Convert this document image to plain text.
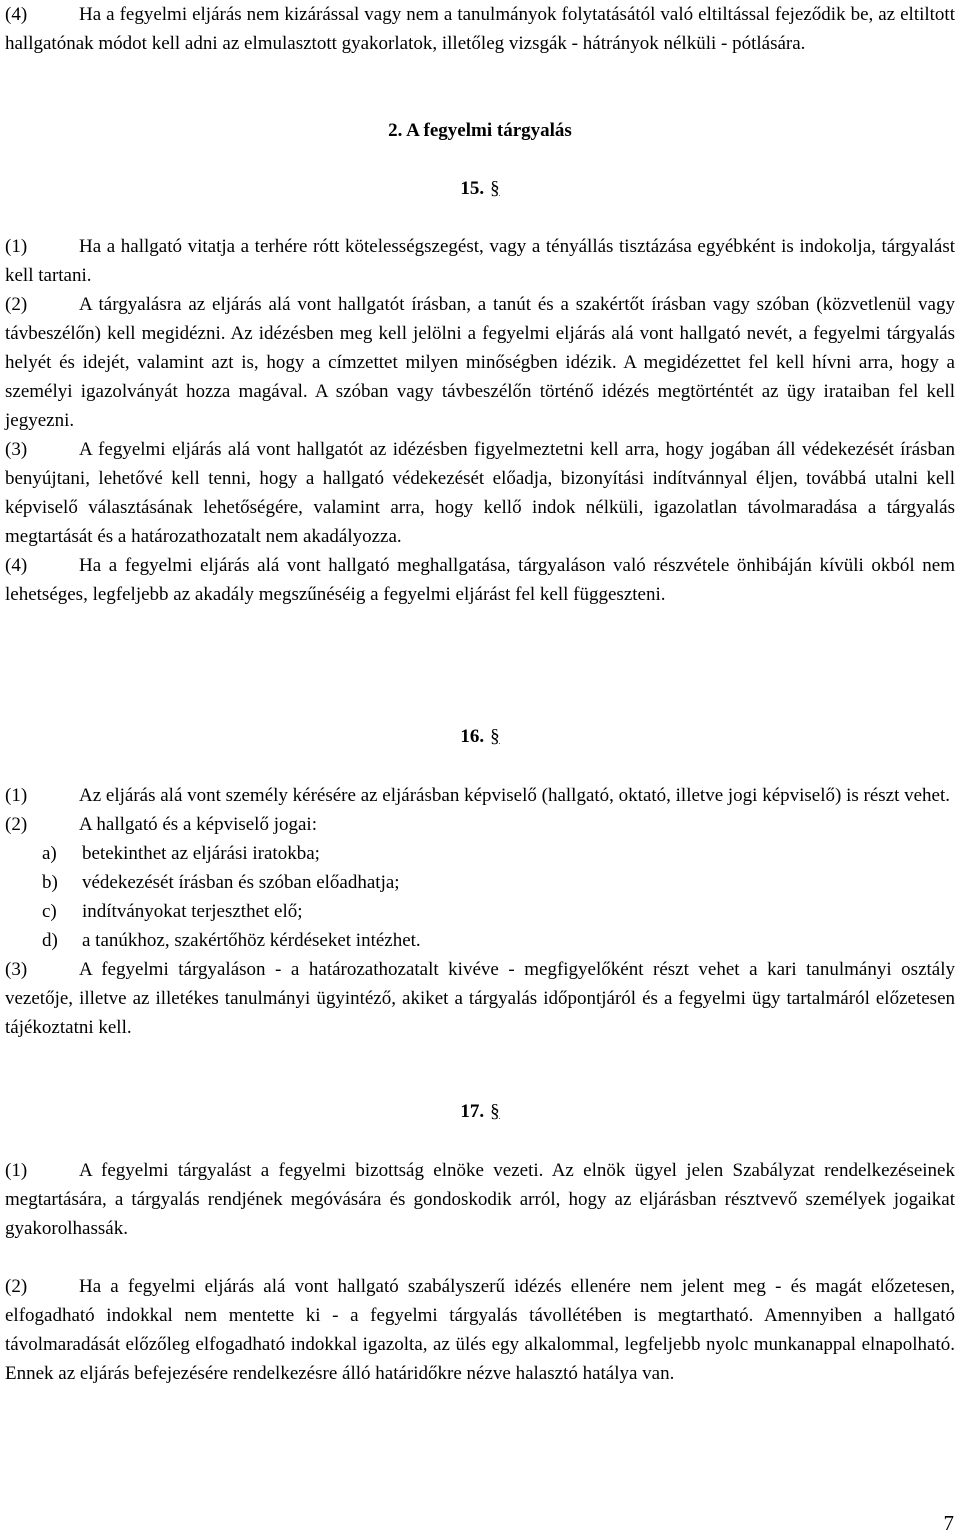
(4)	Ha a fegyelmi eljárás nem kizárással vagy nem a tanulmányok folytatásától való eltiltással fejeződik be, az eltiltott hallgatónak módot kell adni az elmulasztott gyakorlatok, illetőleg vizsgák - hátrányok nélküli - pótlására.

2. A fegyelmi tárgyalás

15. §

(1)	Ha a hallgató vitatja a terhére rótt kötelességszegést, vagy a tényállás tisztázása egyébként is indokolja, tárgyalást kell tartani.

(2)	A tárgyalásra az eljárás alá vont hallgatót írásban, a tanút és a szakértőt írásban vagy szóban (közvetlenül vagy távbeszélőn) kell megidézni. Az idézésben meg kell jelölni a fegyelmi eljárás alá vont hallgató nevét, a fegyelmi tárgyalás helyét és idejét, valamint azt is, hogy a címzettet milyen minőségben idézik. A megidézettet fel kell hívni arra, hogy a személyi igazolványát hozza magával. A szóban vagy távbeszélőn történő idézés megtörténtét az ügy irataiban fel kell jegyezni.

(3)	A fegyelmi eljárás alá vont hallgatót az idézésben figyelmeztetni kell arra, hogy jogában áll védekezését írásban benyújtani, lehetővé kell tenni, hogy a hallgató védekezését előadja, bizonyítási indítvánnyal éljen, továbbá utalni kell képviselő választásának lehetőségére, valamint arra, hogy kellő indok nélküli, igazolatlan távolmaradása a tárgyalás megtartását és a határozathozatalt nem akadályozza.

(4)	Ha a fegyelmi eljárás alá vont hallgató meghallgatása, tárgyaláson való részvétele önhibáján kívüli okból nem lehetséges, legfeljebb az akadály megszűnéséig a fegyelmi eljárást fel kell függeszteni.

16. §

(1)	Az eljárás alá vont személy kérésére az eljárásban képviselő (hallgató, oktató, illetve jogi képviselő) is részt vehet.

(2)	A hallgató és a képviselő jogai:

a) betekinthet az eljárási iratokba;
b) védekezését írásban és szóban előadhatja;
c) indítványokat terjeszthet elő;
d) a tanúkhoz, szakértőhöz kérdéseket intézhet.

(3)	A fegyelmi tárgyaláson - a határozathozatalt kivéve - megfigyelőként részt vehet a kari tanulmányi osztály vezetője, illetve az illetékes tanulmányi ügyintéző, akiket a tárgyalás időpontjáról és a fegyelmi ügy tartalmáról előzetesen tájékoztatni kell.

17. §

(1)	A fegyelmi tárgyalást a fegyelmi bizottság elnöke vezeti. Az elnök ügyel jelen Szabályzat rendelkezéseinek megtartására, a tárgyalás rendjének megóvására és gondoskodik arról, hogy az eljárásban résztvevő személyek jogaikat gyakorolhassák.

(2)	Ha a fegyelmi eljárás alá vont hallgató szabályszerű idézés ellenére nem jelent meg - és magát előzetesen, elfogadható indokkal nem mentette ki - a fegyelmi tárgyalás távollétében is megtartható. Amennyiben a hallgató távolmaradását előzőleg elfogadható indokkal igazolta, az ülés egy alkalommal, legfeljebb nyolc munkanappal elnapolható. Ennek az eljárás befejezésére rendelkezésre álló határidőkre nézve halasztó hatálya van.

7
